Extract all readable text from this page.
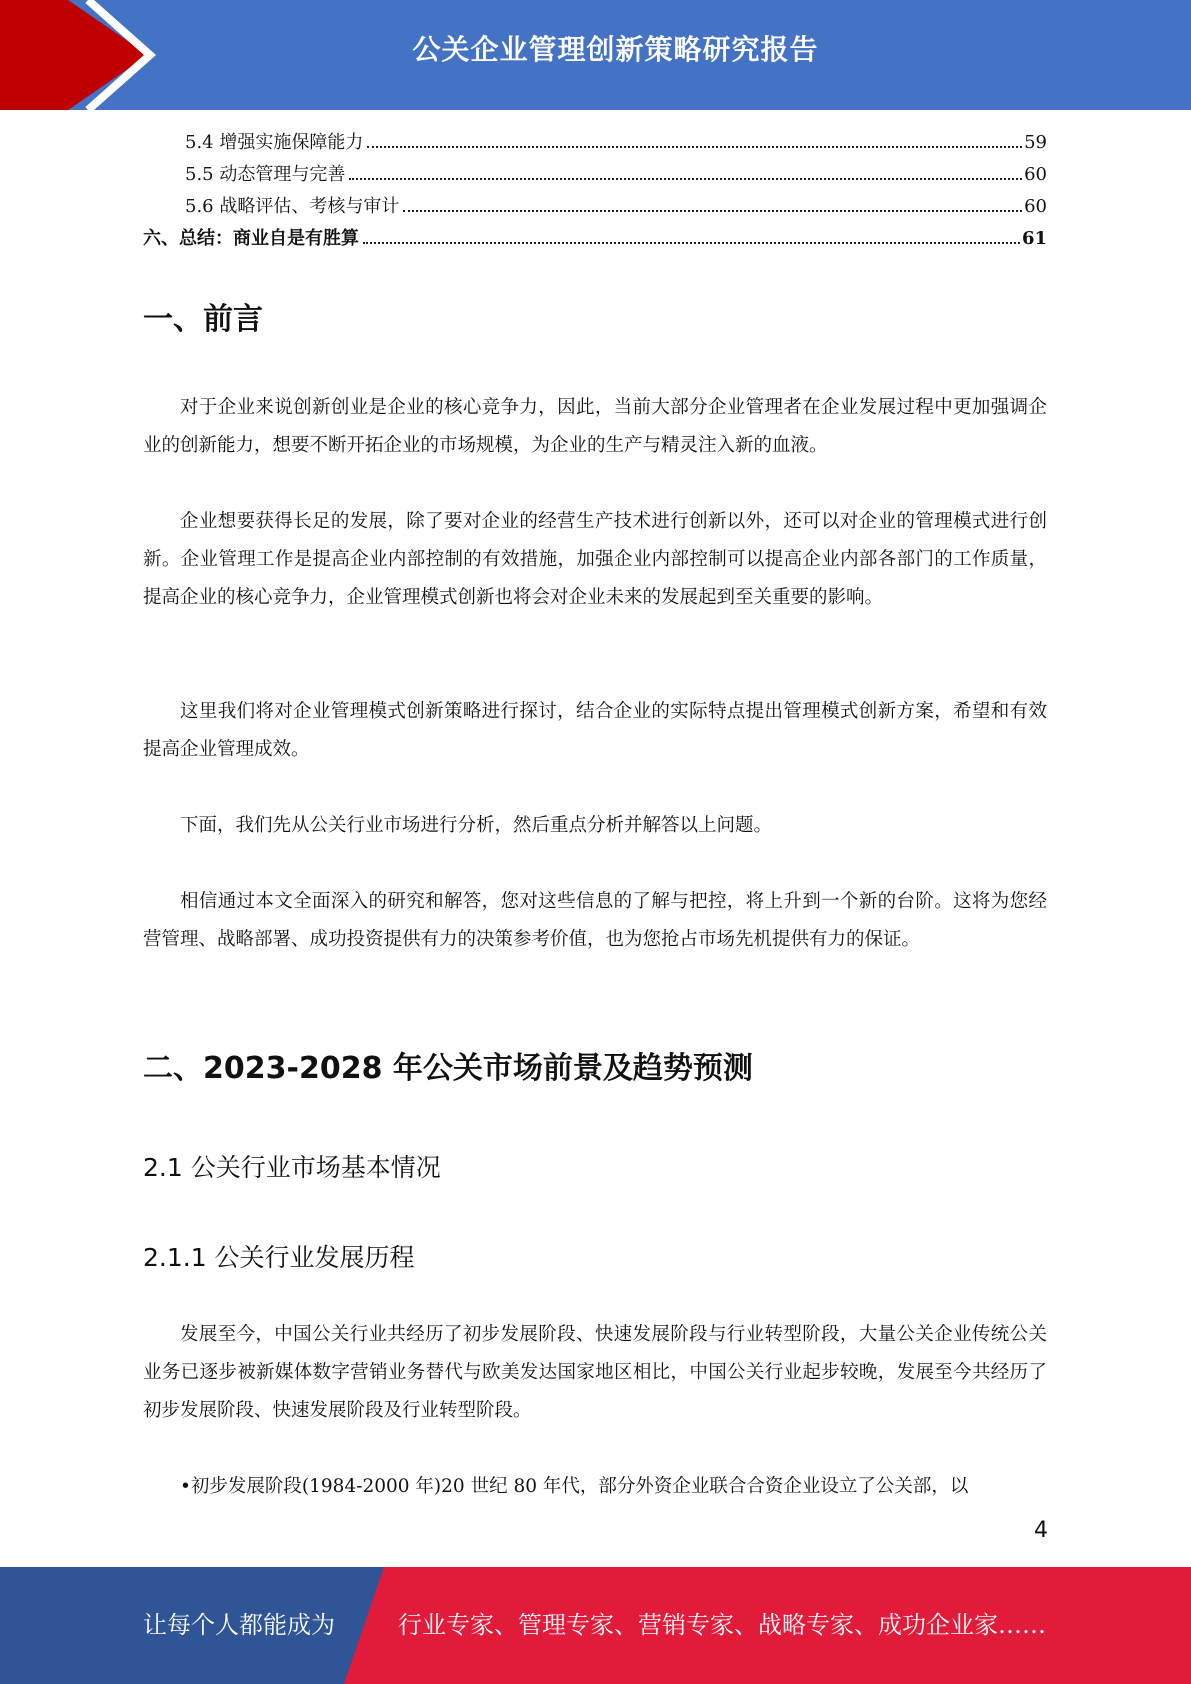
公关企业管理创新策略研究报告
5.4 增强实施保障能力	59
5.5 动态管理与完善	60
5.6 战略评估、考核与审计	60
六、总结：商业自是有胜算	61
一、前言

对于企业来说创新创业是企业的核心竞争力，因此，当前大部分企业管理者在企业发展过程中更加强调企业的创新能力，想要不断开拓企业的市场规模，为企业的生产与精灵注入新的血液。

企业想要获得长足的发展，除了要对企业的经营生产技术进行创新以外，还可以对企业的管理模式进行创新。企业管理工作是提高企业内部控制的有效措施，加强企业内部控制可以提高企业内部各部门的工作质量，提高企业的核心竞争力，企业管理模式创新也将会对企业未来的发展起到至关重要的影响。

这里我们将对企业管理模式创新策略进行探讨，结合企业的实际特点提出管理模式创新方案，希望和有效提高企业管理成效。

下面，我们先从公关行业市场进行分析，然后重点分析并解答以上问题。

相信通过本文全面深入的研究和解答，您对这些信息的了解与把控，将上升到一个新的台阶。这将为您经营管理、战略部署、成功投资提供有力的决策参考价值，也为您抢占市场先机提供有力的保证。

二、2023-2028 年公关市场前景及趋势预测
2.1 公关行业市场基本情况
2.1.1 公关行业发展历程

发展至今，中国公关行业共经历了初步发展阶段、快速发展阶段与行业转型阶段，大量公关企业传统公关业务已逐步被新媒体数字营销业务替代与欧美发达国家地区相比，中国公关行业起步较晚，发展至今共经历了初步发展阶段、快速发展阶段及行业转型阶段。

•初步发展阶段(1984-2000 年)20 世纪 80 年代，部分外资企业联合合资企业设立了公关部，以

4
让每个人都能成为	行业专家、管理专家、营销专家、战略专家、成功企业家……
